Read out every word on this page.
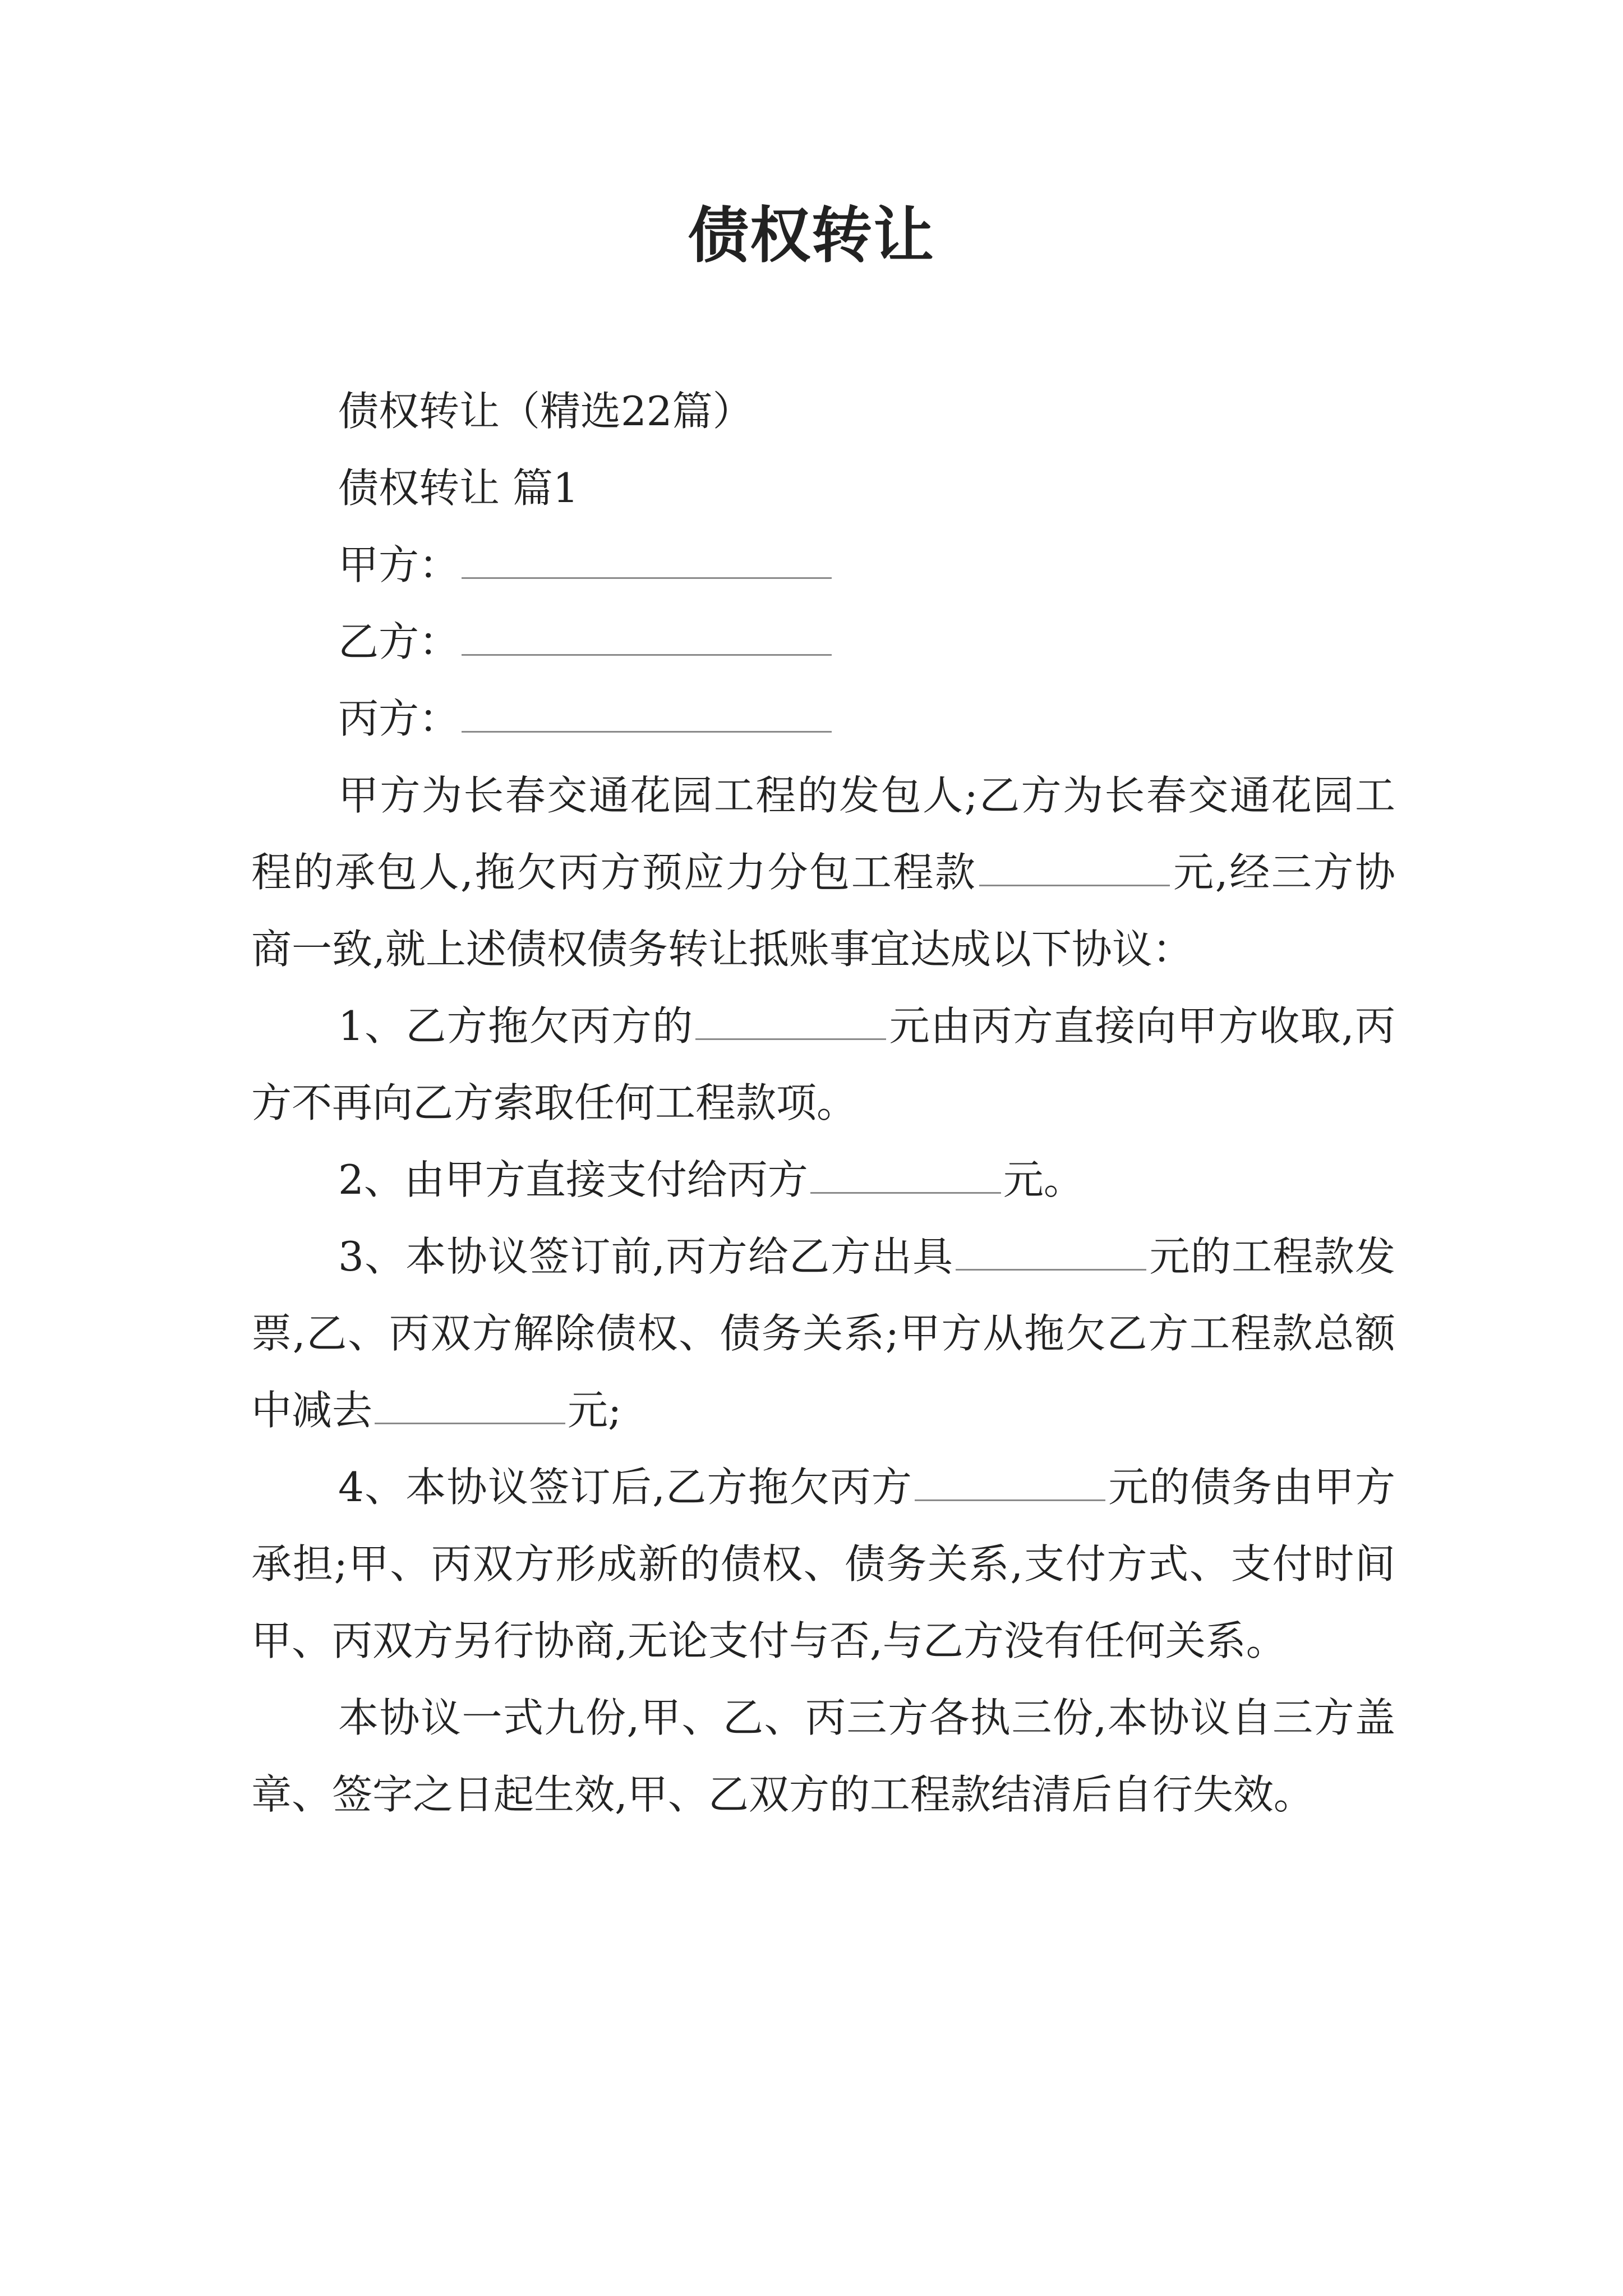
债权转让
债权转让（精选22篇）
债权转让 篇1
甲方：
乙方：
丙方：
甲方为长春交通花园工程的发包人;乙方为长春交通花园工程的承包人,拖欠丙方预应力分包工程款	元,经三方协商一致,就上述债权债务转让抵账事宜达成以下协议：
1、乙方拖欠丙方的	元由丙方直接向甲方收取,丙方不再向乙方索取任何工程款项。
2、由甲方直接支付给丙方	元。
3、本协议签订前,丙方给乙方出具	元的工程款发票,乙、丙双方解除债权、债务关系;甲方从拖欠乙方工程款总额中减去	元;
4、本协议签订后,乙方拖欠丙方	元的债务由甲方承担;甲、丙双方形成新的债权、债务关系,支付方式、支付时间甲、丙双方另行协商,无论支付与否,与乙方没有任何关系。
本协议一式九份,甲、乙、丙三方各执三份,本协议自三方盖章、签字之日起生效,甲、乙双方的工程款结清后自行失效。
